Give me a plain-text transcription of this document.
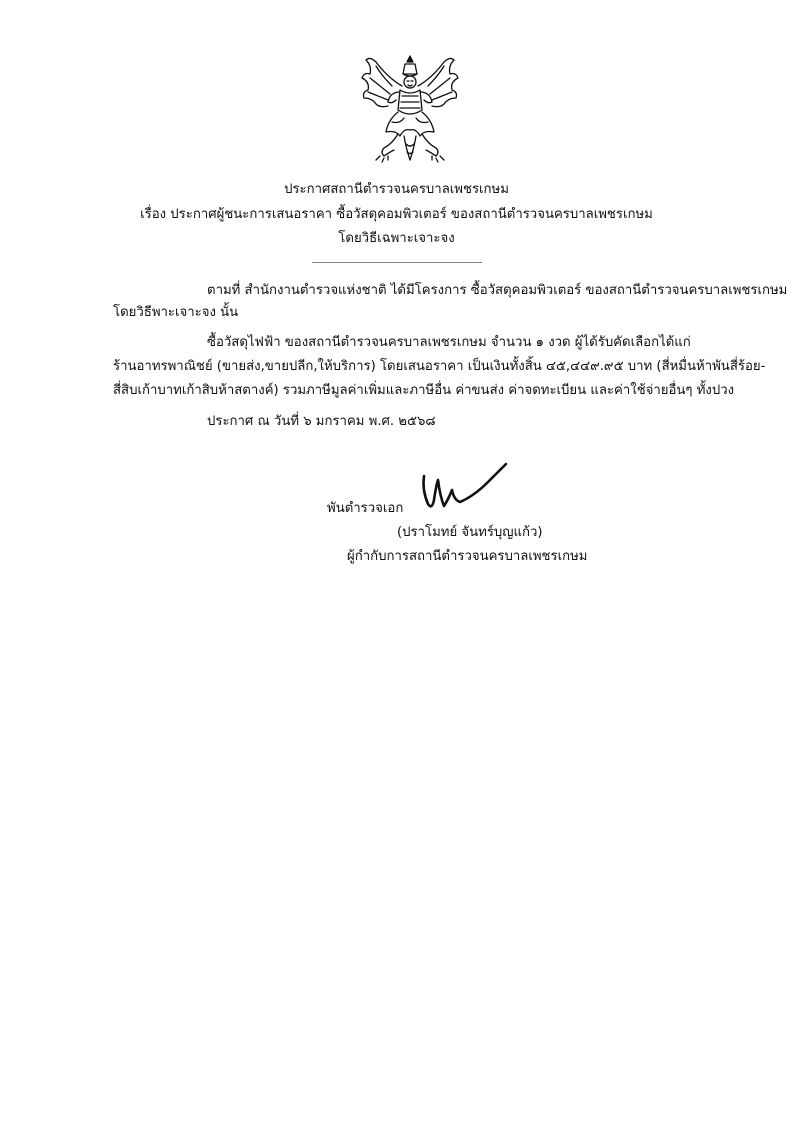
ประกาศสถานีตำรวจนครบาลเพชรเกษม
เรื่อง ประกาศผู้ชนะการเสนอราคา ซื้อวัสดุคอมพิวเตอร์ ของสถานีตำรวจนครบาลเพชรเกษม
โดยวิธีเฉพาะเจาะจง
ตามที่ สำนักงานตำรวจแห่งชาติ ได้มีโครงการ ซื้อวัสดุคอมพิวเตอร์ ของสถานีตำรวจนครบาลเพชรเกษม
โดยวิธีพาะเจาะจง นั้น
ซื้อวัสดุไฟฟ้า ของสถานีตำรวจนครบาลเพชรเกษม จำนวน ๑ งวด ผู้ได้รับคัดเลือกได้แก่
ร้านอาทรพาณิชย์ (ขายส่ง,ขายปลีก,ให้บริการ) โดยเสนอราคา เป็นเงินทั้งสิ้น ๔๕,๔๔๙.๙๕ บาท (สี่หมื่นห้าพันสี่ร้อย-
สี่สิบเก้าบาทเก้าสิบห้าสตางค์) รวมภาษีมูลค่าเพิ่มและภาษีอื่น ค่าขนส่ง ค่าจดทะเบียน และค่าใช้จ่ายอื่นๆ ทั้งปวง
ประกาศ ณ วันที่ ๖ มกราคม พ.ศ. ๒๕๖๘
พันตำรวจเอก
(ปราโมทย์ จันทร์บุญแก้ว)
ผู้กำกับการสถานีตำรวจนครบาลเพชรเกษม
